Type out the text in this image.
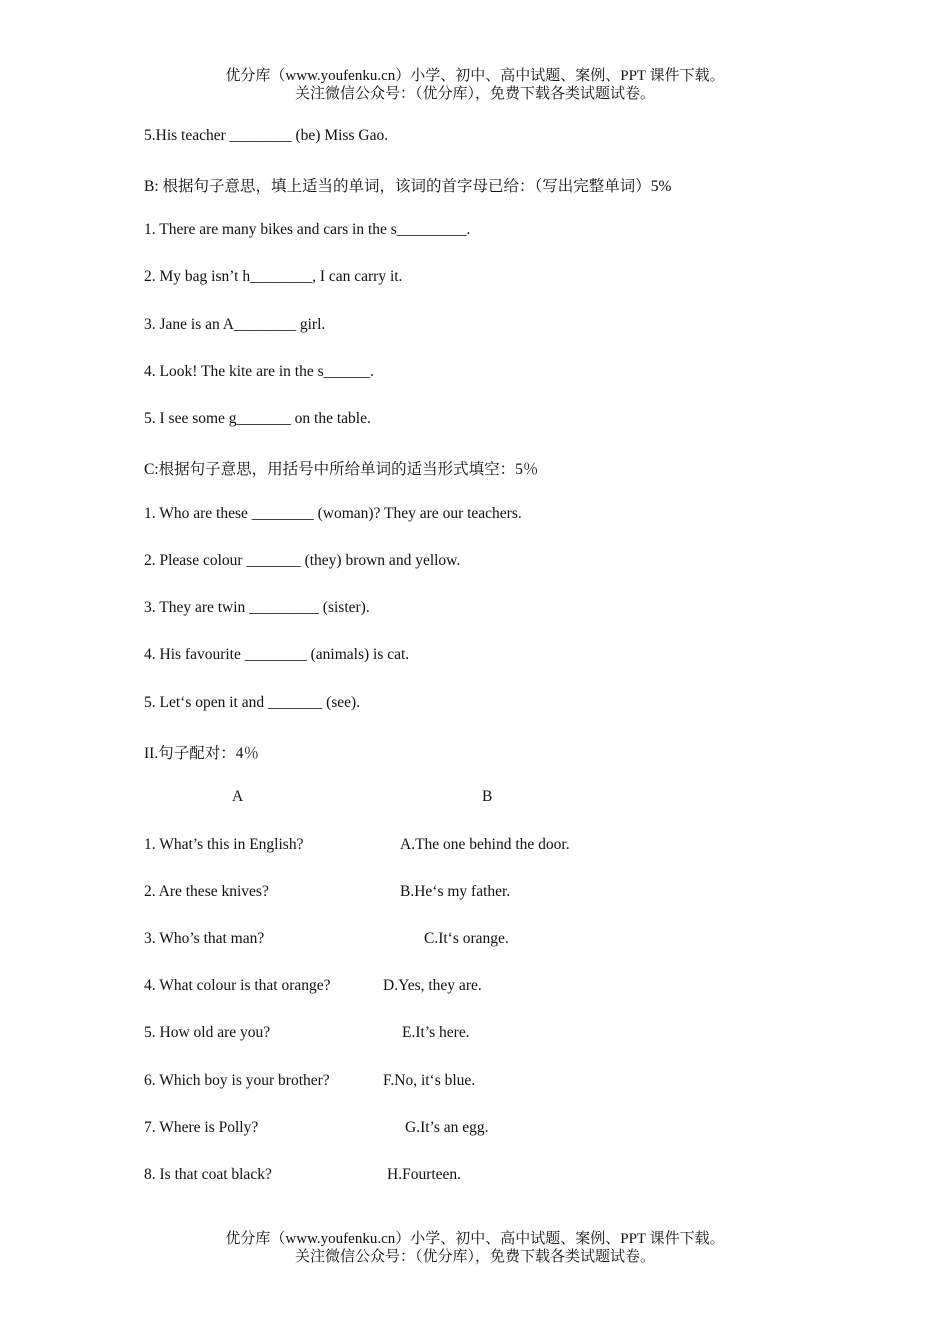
优分库（www.youfenku.cn）小学、初中、高中试题、案例、PPT 课件下载。
关注微信公众号：（优分库），免费下载各类试题试卷。
5.His teacher ________ (be) Miss Gao.
B: 根据句子意思，填上适当的单词，该词的首字母已给：（写出完整单词）5%
1. There are many bikes and cars in the s_________.
2. My bag isn’t h________, I can carry it.
3. Jane is an A________ girl.
4. Look! The kite are in the s______.
5. I see some g_______ on the table.
C:根据句子意思，用括号中所给单词的适当形式填空：5％
1. Who are these ________ (woman)? They are our teachers.
2. Please colour _______ (they) brown and yellow.
3. They are twin _________ (sister).
4. His favourite ________ (animals) is cat.
5. Let‘s open it and _______ (see).
II.句子配对：4％
A	B
1. What’s this in English?	A.The one behind the door.
2. Are these knives?	B.He‘s my father.
3. Who’s that man?	C.It‘s orange.
4. What colour is that orange?	D.Yes, they are.
5. How old are you?	E.It’s here.
6. Which boy is your brother?	F.No, it‘s blue.
7. Where is Polly?	G.It’s an egg.
8. Is that coat black?	H.Fourteen.
优分库（www.youfenku.cn）小学、初中、高中试题、案例、PPT 课件下载。
关注微信公众号：（优分库），免费下载各类试题试卷。
